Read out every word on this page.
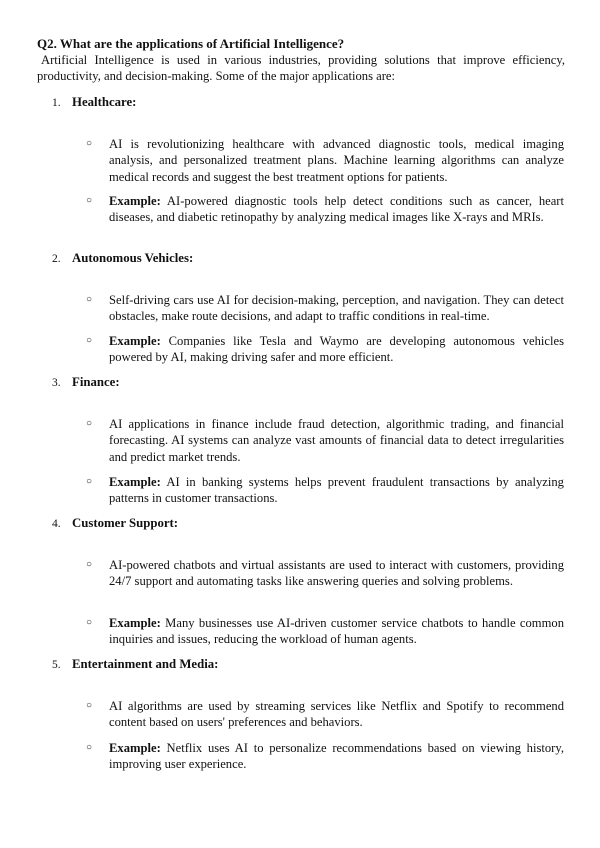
Q2. What are the applications of Artificial Intelligence?
Artificial Intelligence is used in various industries, providing solutions that improve efficiency, productivity, and decision-making. Some of the major applications are:
1. Healthcare:
○ AI is revolutionizing healthcare with advanced diagnostic tools, medical imaging analysis, and personalized treatment plans. Machine learning algorithms can analyze medical records and suggest the best treatment options for patients.
○ Example: AI-powered diagnostic tools help detect conditions such as cancer, heart diseases, and diabetic retinopathy by analyzing medical images like X-rays and MRIs.
2. Autonomous Vehicles:
○ Self-driving cars use AI for decision-making, perception, and navigation. They can detect obstacles, make route decisions, and adapt to traffic conditions in real-time.
○ Example: Companies like Tesla and Waymo are developing autonomous vehicles powered by AI, making driving safer and more efficient.
3. Finance:
○ AI applications in finance include fraud detection, algorithmic trading, and financial forecasting. AI systems can analyze vast amounts of financial data to detect irregularities and predict market trends.
○ Example: AI in banking systems helps prevent fraudulent transactions by analyzing patterns in customer transactions.
4. Customer Support:
○ AI-powered chatbots and virtual assistants are used to interact with customers, providing 24/7 support and automating tasks like answering queries and solving problems.
○ Example: Many businesses use AI-driven customer service chatbots to handle common inquiries and issues, reducing the workload of human agents.
5. Entertainment and Media:
○ AI algorithms are used by streaming services like Netflix and Spotify to recommend content based on users' preferences and behaviors.
○ Example: Netflix uses AI to personalize recommendations based on viewing history, improving user experience.
